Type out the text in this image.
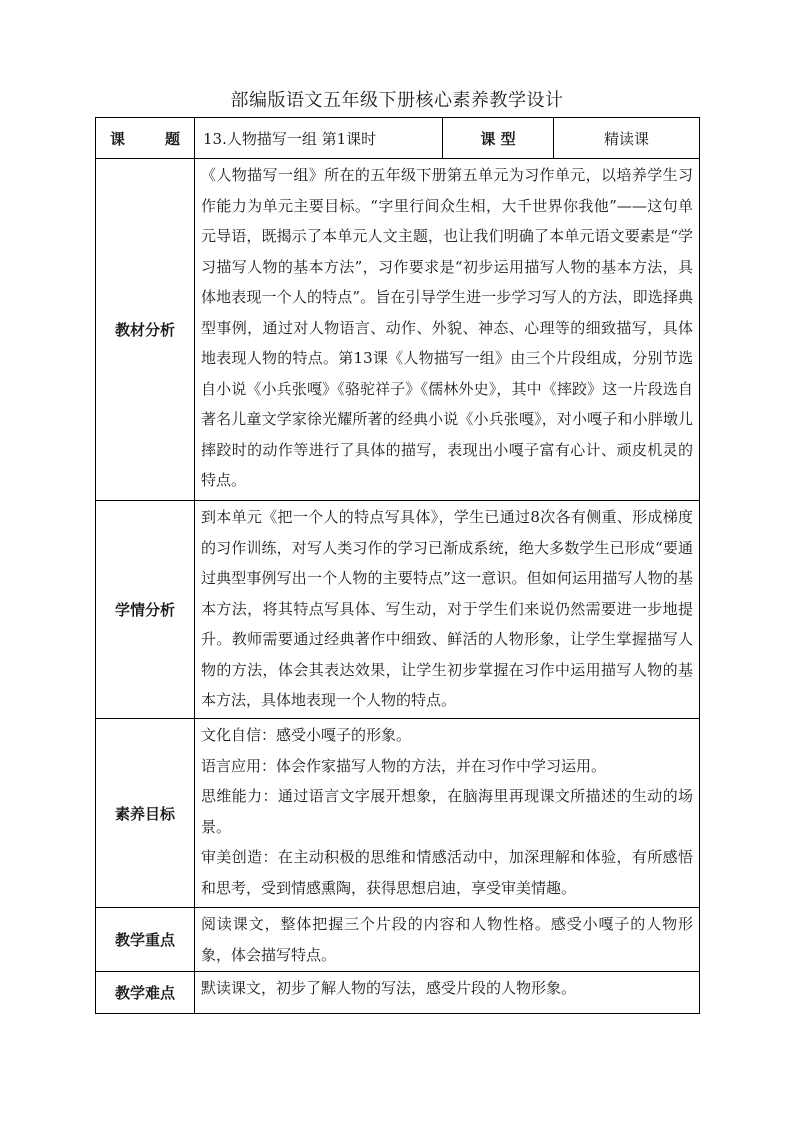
部编版语文五年级下册核心素养教学设计
课 题	13.人物描写一组 第1课时	课 型	精读课
教材分析	《人物描写一组》所在的五年级下册第五单元为习作单元，以培养学生习作能力为单元主要目标。“字里行间众生相，大千世界你我他”——这句单元导语，既揭示了本单元人文主题，也让我们明确了本单元语文要素是“学习描写人物的基本方法”，习作要求是“初步运用描写人物的基本方法，具体地表现一个人的特点”。旨在引导学生进一步学习写人的方法，即选择典型事例，通过对人物语言、动作、外貌、神态、心理等的细致描写，具体地表现人物的特点。第13课《人物描写一组》由三个片段组成，分别节选自小说《小兵张嘎》《骆驼祥子》《儒林外史》，其中《摔跤》这一片段选自著名儿童文学家徐光耀所著的经典小说《小兵张嘎》，对小嘎子和小胖墩儿摔跤时的动作等进行了具体的描写，表现出小嘎子富有心计、顽皮机灵的特点。		
学情分析	到本单元《把一个人的特点写具体》，学生已通过8次各有侧重、形成梯度的习作训练，对写人类习作的学习已渐成系统，绝大多数学生已形成“要通过典型事例写出一个人物的主要特点”这一意识。但如何运用描写人物的基本方法，将其特点写具体、写生动，对于学生们来说仍然需要进一步地提升。教师需要通过经典著作中细致、鲜活的人物形象，让学生掌握描写人物的方法，体会其表达效果，让学生初步掌握在习作中运用描写人物的基本方法，具体地表现一个人物的特点。		
素养目标	文化自信：感受小嘎子的形象。

语言应用：体会作家描写人物的方法，并在习作中学习运用。

思维能力：通过语言文字展开想象，在脑海里再现课文所描述的生动的场景。

审美创造：在主动积极的思维和情感活动中，加深理解和体验，有所感悟和思考，受到情感熏陶，获得思想启迪，享受审美情趣。		

教学重点	阅读课文，整体把握三个片段的内容和人物性格。感受小嘎子的人物形象，体会描写特点。		
教学难点	默读课文，初步了解人物的写法，感受片段的人物形象。		
